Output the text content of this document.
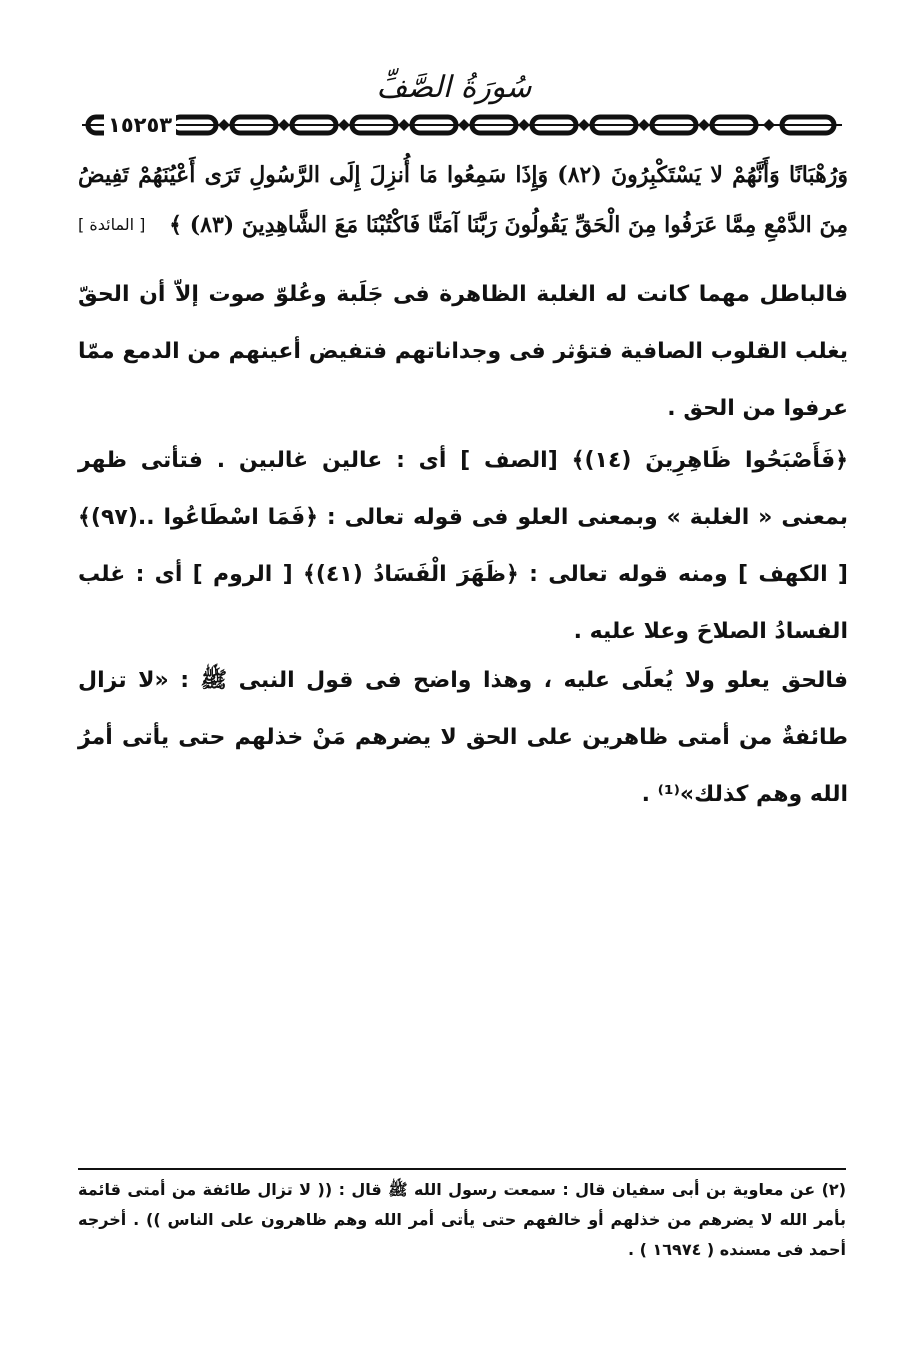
سُورَةُ الصَّفِّ
١٥٢٥٣
وَرُهْبَانًا وَأَنَّهُمْ لا يَسْتَكْبِرُونَ (٨٢) وَإِذَا سَمِعُوا مَا أُنزِلَ إِلَى الرَّسُولِ تَرَى أَعْيُنَهُمْ تَفِيضُ مِنَ الدَّمْعِ مِمَّا عَرَفُوا مِنَ الْحَقِّ يَقُولُونَ رَبَّنَا آمَنَّا فَاكْتُبْنَا مَعَ الشَّاهِدِينَ (٨٣) ﴾
[ المائدة ]
فالباطل مهما كانت له الغلبة الظاهرة فى جَلَبة وعُلوّ صوت إلاّ أن الحقّ يغلب القلوب الصافية فتؤثر فى وجداناتهم فتفيض أعينهم من الدمع ممّا عرفوا من الحق .
﴿فَأَصْبَحُوا ظَاهِرِينَ (١٤)﴾ [الصف ] أى : عالين غالبين . فتأتى ظهر بمعنى « الغلبة » وبمعنى العلو فى قوله تعالى : ﴿فَمَا اسْطَاعُوا ..(٩٧)﴾ [ الكهف ] ومنه قوله تعالى : ﴿ظَهَرَ الْفَسَادُ (٤١)﴾ [ الروم ] أى : غلب الفسادُ الصلاحَ وعلا عليه .
فالحق يعلو ولا يُعلَى عليه ، وهذا واضح فى قول النبى ﷺ : «لا تزال طائفةٌ من أمتى ظاهرين على الحق لا يضرهم مَنْ خذلهم حتى يأتى أمرُ الله وهم كذلك»⁽¹⁾ .
(٢) عن معاوية بن أبى سفيان قال : سمعت رسول الله ﷺ قال : (( لا تزال طائفة من أمتى قائمة بأمر الله لا يضرهم من خذلهم أو خالفهم حتى يأتى أمر الله وهم ظاهرون على الناس )) . أخرجه أحمد فى مسنده ( ١٦٩٧٤ ) .
